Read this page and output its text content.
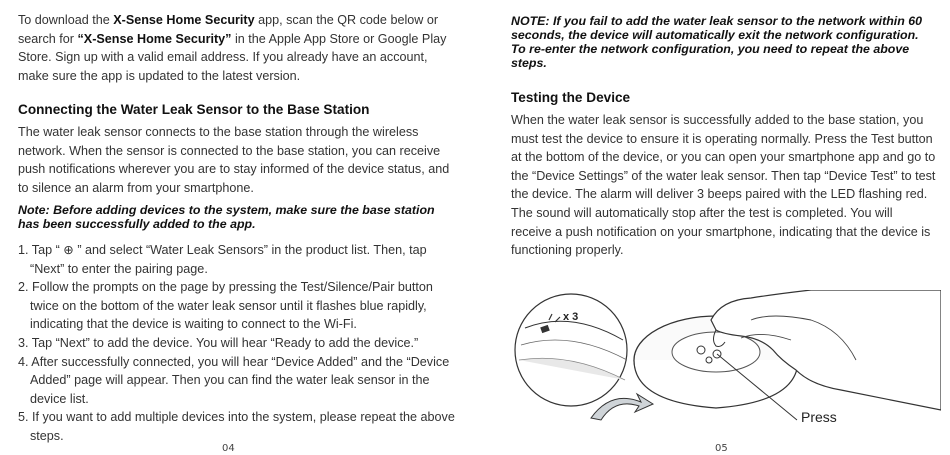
To download the X-Sense Home Security app, scan the QR code below or search for “X-Sense Home Security” in the Apple App Store or Google Play Store. Sign up with a valid email address. If you already have an account, make sure the app is updated to the latest version.
Connecting the Water Leak Sensor to the Base Station
The water leak sensor connects to the base station through the wireless network. When the sensor is connected to the base station, you can receive push notifications wherever you are to stay informed of the device status, and to silence an alarm from your smartphone.
Note: Before adding devices to the system, make sure the base station has been successfully added to the app.
1. Tap “ ⊕ ” and select “Water Leak Sensors” in the product list. Then, tap “Next” to enter the pairing page.
2. Follow the prompts on the page by pressing the Test/Silence/Pair button twice on the bottom of the water leak sensor until it flashes blue rapidly, indicating that the device is waiting to connect to the Wi-Fi.
3. Tap “Next” to add the device. You will hear “Ready to add the device.”
4. After successfully connected, you will hear “Device Added” and the “Device Added” page will appear. Then you can find the water leak sensor in the device list.
5. If you want to add multiple devices into the system, please repeat the above steps.
04
NOTE: If you fail to add the water leak sensor to the network within 60 seconds, the device will automatically exit the network configuration. To re-enter the network configuration, you need to repeat the above steps.
Testing the Device
When the water leak sensor is successfully added to the base station, you must test the device to ensure it is operating normally. Press the Test button at the bottom of the device, or you can open your smartphone app and go to the “Device Settings” of the water leak sensor. Then tap “Device Test” to test the device. The alarm will deliver 3 beeps paired with the LED flashing red. The sound will automatically stop after the test is completed. You will receive a push notification on your smartphone, indicating that the device is functioning properly.
x 3
Press
05
